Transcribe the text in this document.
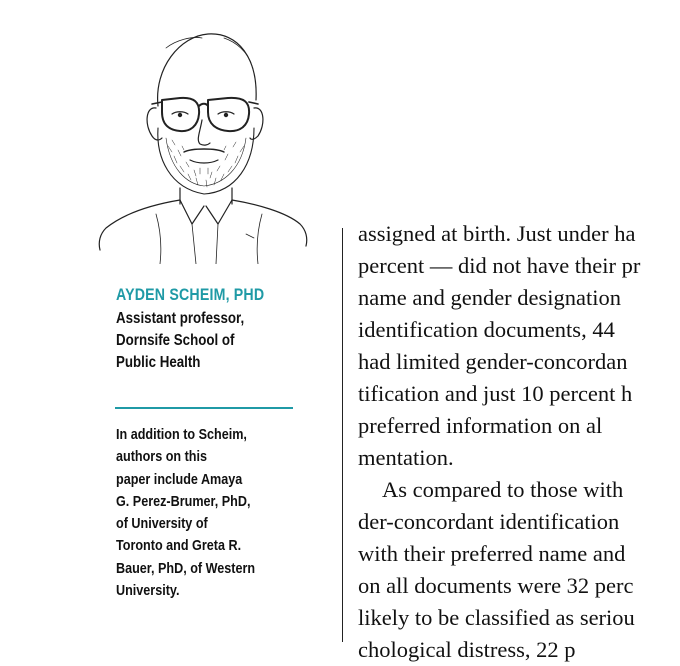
AYDEN SCHEIM, PHD
Assistant professor,
Dornsife School of
Public Health
In addition to Scheim,
authors on this
paper include Amaya
G. Perez-Brumer, PhD,
of University of
Toronto and Greta R.
Bauer, PhD, of Western
University.
assigned at birth. Just under ha
percent — did not have their pr
name and gender designation
identification documents, 44
had limited gender-concordan
tification and just 10 percent h
preferred information on al
mentation.
As compared to those with
der-concordant identification
with their preferred name and
on all documents were 32 perc
likely to be classified as seriou
chological distress, 22 p
